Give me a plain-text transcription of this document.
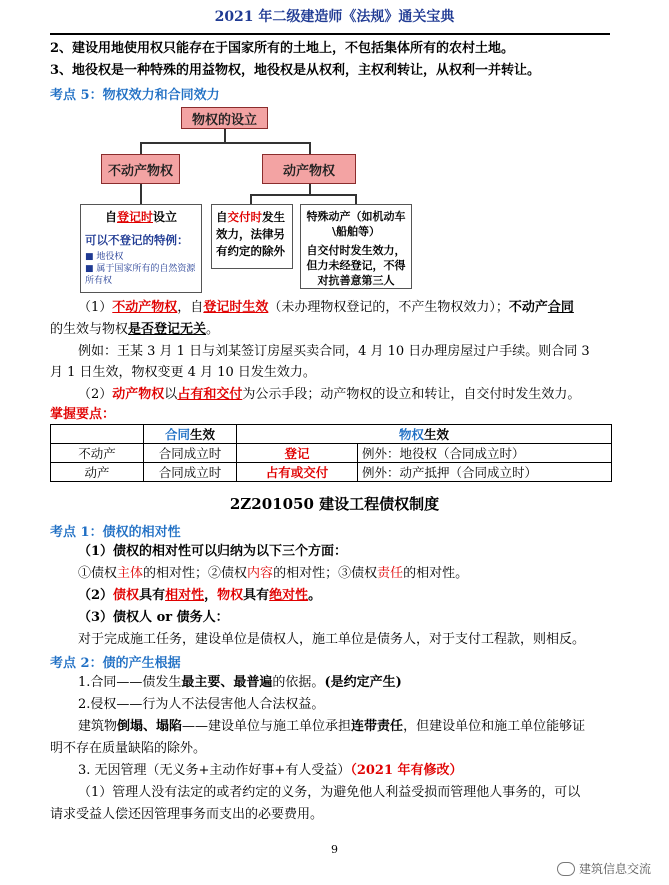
2021 年二级建造师《法规》通关宝典
2、建设用地使用权只能存在于国家所有的土地上，不包括集体所有的农村土地。
3、地役权是一种特殊的用益物权，地役权是从权利，主权利转让，从权利一并转让。
考点 5：物权效力和合同效力
物权的设立
不动产物权	动产物权
自登记时设立
可以不登记的特例：
■ 地役权
■ 属于国家所有的自然资源所有权
自交付时发生效力，法律另有约定的除外
特殊动产（如机动车\船舶等）
自交付时发生效力，但力未经登记，不得对抗善意第三人
（1）不动产物权，自登记时生效（未办理物权登记的，不产生物权效力）；不动产合同
的生效与物权是否登记无关。
例如：王某 3 月 1 日与刘某签订房屋买卖合同，4 月 10 日办理房屋过户手续。则合同 3
月 1 日生效，物权变更 4 月 10 日发生效力。
（2）动产物权以占有和交付为公示手段；动产物权的设立和转让，自交付时发生效力。
掌握要点：
	合同生效	物权生效	
不动产	合同成立时	登记	例外：地役权（合同成立时）
动产	合同成立时	占有或交付	例外：动产抵押（合同成立时）
2Z201050 建设工程债权制度
考点 1：债权的相对性
（1）债权的相对性可以归纳为以下三个方面：
①债权主体的相对性；②债权内容的相对性；③债权责任的相对性。
（2）债权具有相对性，物权具有绝对性。
（3）债权人 or 债务人：
对于完成施工任务，建设单位是债权人，施工单位是债务人，对于支付工程款，则相反。
考点 2：债的产生根据
1.合同——债发生最主要、最普遍的依据。(是约定产生)
2.侵权——行为人不法侵害他人合法权益。
建筑物倒塌、塌陷——建设单位与施工单位承担连带责任，但建设单位和施工单位能够证
明不存在质量缺陷的除外。
3. 无因管理（无义务+主动作好事+有人受益）（2021 年有修改）
（1）管理人没有法定的或者约定的义务，为避免他人利益受损而管理他人事务的，可以
请求受益人偿还因管理事务而支出的必要费用。
9
建筑信息交流
